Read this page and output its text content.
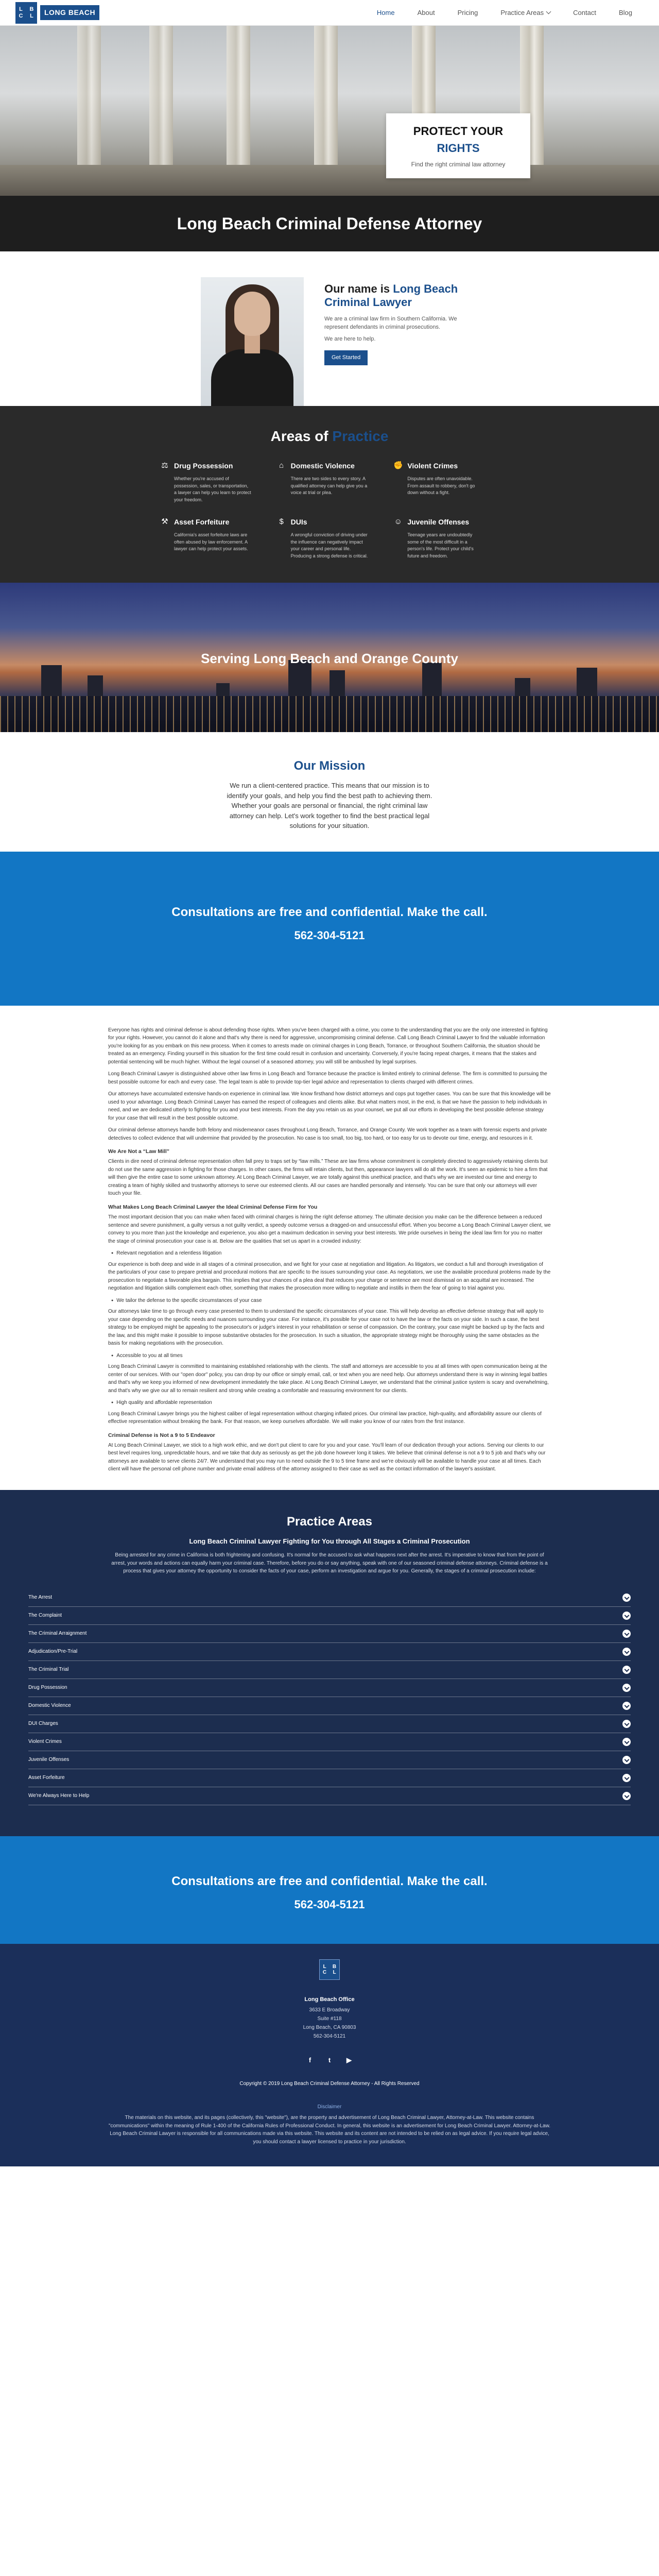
L B
C L	LONG BEACH	Home	About	Pricing	Practice Areas	Contact	Blog
PROTECT YOUR RIGHTS

Find the right criminal law attorney

Long Beach Criminal Defense Attorney
Our name is Long Beach Criminal Lawyer

We are a criminal law firm in Southern California. We represent defendants in criminal prosecutions.

We are here to help.

Get Started
Areas of Practice
⚖ Drug Possession

Whether you're accused of possession, sales, or transportation, a lawyer can help you learn to protect your freedom.

⌂ Domestic Violence

There are two sides to every story. A qualified attorney can help give you a voice at trial or plea.

✊ Violent Crimes

Disputes are often unavoidable. From assault to robbery, don't go down without a fight.

⚒ Asset Forfeiture

California's asset forfeiture laws are often abused by law enforcement. A lawyer can help protect your assets.

$ DUIs

A wrongful conviction of driving under the influence can negatively impact your career and personal life. Producing a strong defense is critical.

☺ Juvenile Offenses

Teenage years are undoubtedly some of the most difficult in a person's life. Protect your child's future and freedom.

Serving Long Beach and Orange County
Our Mission

We run a client-centered practice. This means that our mission is to identify your goals, and help you find the best path to achieving them. Whether your goals are personal or financial, the right criminal law attorney can help. Let's work together to find the best practical legal solutions for your situation.

Consultations are free and confidential. Make the call.
562-304-5121

Everyone has rights and criminal defense is about defending those rights. When you've been charged with a crime, you come to the understanding that you are the only one interested in fighting for your rights. However, you cannot do it alone and that's why there is need for aggressive, uncompromising criminal defense. Call Long Beach Criminal Lawyer to find the valuable information you're looking for as you embark on this new process. When it comes to arrests made on criminal charges in Long Beach, Torrance, or throughout Southern California, the situation should be treated as an emergency. Finding yourself in this situation for the first time could result in confusion and uncertainty. Conversely, if you're facing repeat charges, it means that the stakes and potential sentencing will be much higher. Without the legal counsel of a seasoned attorney, you will still be ambushed by legal surprises.

Long Beach Criminal Lawyer is distinguished above other law firms in Long Beach and Torrance because the practice is limited entirely to criminal defense. The firm is committed to pursuing the best possible outcome for each and every case. The legal team is able to provide top-tier legal advice and representation to clients charged with different crimes.

Our attorneys have accumulated extensive hands-on experience in criminal law. We know firsthand how district attorneys and cops put together cases. You can be sure that this knowledge will be used to your advantage. Long Beach Criminal Lawyer has earned the respect of colleagues and clients alike. But what matters most, in the end, is that we have the passion to help individuals in need, and we are dedicated utterly to fighting for you and your best interests. From the day you retain us as your counsel, we put all our efforts in developing the best possible defense strategy for your case that will result in the best possible outcome.

Our criminal defense attorneys handle both felony and misdemeanor cases throughout Long Beach, Torrance, and Orange County. We work together as a team with forensic experts and private detectives to collect evidence that will undermine that provided by the prosecution. No case is too small, too big, too hard, or too easy for us to devote our time, energy, and resources in it.

We Are Not a “Law Mill”

Clients in dire need of criminal defense representation often fall prey to traps set by “law mills.” These are law firms whose commitment is completely directed to aggressively retaining clients but do not use the same aggression in fighting for those charges. In other cases, the firms will retain clients, but then, appearance lawyers will do all the work. It's seen an epidemic to hire a firm that will then give the entire case to some unknown attorney. At Long Beach Criminal Lawyer, we are totally against this unethical practice, and that's why we are invested our time and energy to creating a team of highly skilled and trustworthy attorneys to serve our esteemed clients. All our cases are handled personally and intensely. You can be sure that only our attorneys will ever touch your file.

What Makes Long Beach Criminal Lawyer the Ideal Criminal Defense Firm for You

The most important decision that you can make when faced with criminal charges is hiring the right defense attorney. The ultimate decision you make can be the difference between a reduced sentence and severe punishment, a guilty versus a not guilty verdict, a speedy outcome versus a dragged-on and unsuccessful effort. When you become a Long Beach Criminal Lawyer client, we convey to you more than just the knowledge and experience, you also get a maximum dedication in serving your best interests. We pride ourselves in being the ideal law firm for you no matter the stage of criminal prosecution your case is at. Below are the qualities that set us apart in a crowded industry:

● Relevant negotiation and a relentless litigation

Our experience is both deep and wide in all stages of a criminal prosecution, and we fight for your case at negotiation and litigation. As litigators, we conduct a full and thorough investigation of the particulars of your case to prepare pretrial and procedural motions that are specific to the issues surrounding your case. As negotiators, we use the available procedural problems made by the prosecution to negotiate a favorable plea bargain. This implies that your chances of a plea deal that reduces your charge or sentence are most dismissal on an acquittal are increased. The negotiation and litigation skills complement each other, something that makes the prosecution more willing to negotiate and instills in them the fear of going to trial against you.

● We tailor the defense to the specific circumstances of your case

Our attorneys take time to go through every case presented to them to understand the specific circumstances of your case. This will help develop an effective defense strategy that will apply to your case depending on the specific needs and nuances surrounding your case. For instance, it's possible for your case not to have the law or the facts on your side. In such a case, the best strategy to be employed might be appealing to the prosecutor's or judge's interest in your rehabilitation or sense of compassion. On the contrary, your case might be backed up by the facts and the law, and this might make it possible to impose substantive obstacles for the prosecution. In such a situation, the appropriate strategy might be thoroughly using the same obstacles as the basis for making negotiations with the prosecution.

● Accessible to you at all times

Long Beach Criminal Lawyer is committed to maintaining established relationship with the clients. The staff and attorneys are accessible to you at all times with open communication being at the center of our services. With our "open door" policy, you can drop by our office or simply email, call, or text when you are need help. Our attorneys understand there is way in winning legal battles and that's why we keep you informed of new development immediately the take place. At Long Beach Criminal Lawyer, we understand that the criminal justice system is scary and overwhelming, and that's why we give our all to remain resilient and strong while creating a comfortable and reassuring environment for our clients.

● High quality and affordable representation

Long Beach Criminal Lawyer brings you the highest caliber of legal representation without charging inflated prices. Our criminal law practice, high-quality, and affordability assure our clients of effective representation without breaking the bank. For that reason, we keep ourselves affordable. We will make you know of our rates from the first instance.

Criminal Defense is Not a 9 to 5 Endeavor

At Long Beach Criminal Lawyer, we stick to a high work ethic, and we don't put client to care for you and your case. You'll learn of our dedication through your actions. Serving our clients to our best level requires long, unpredictable hours, and we take that duty as seriously as get the job done however long it takes. We believe that criminal defense is not a 9 to 5 job and that's why our attorneys are available to serve clients 24/7. We understand that you may run to need outside the 9 to 5 time frame and we're obviously will be available to handle your case at all times. Each client will have the personal cell phone number and private email address of the attorney assigned to their case as well as the contact information of the lawyer's assistant.

Practice Areas
Long Beach Criminal Lawyer Fighting for You through All Stages a Criminal Prosecution

Being arrested for any crime in California is both frightening and confusing. It's normal for the accused to ask what happens next after the arrest. It's imperative to know that from the point of arrest, your words and actions can equally harm your criminal case. Therefore, before you do or say anything, speak with one of our seasoned criminal defense attorneys. Criminal defense is a process that gives your attorney the opportunity to consider the facts of your case, perform an investigation and argue for you. Generally, the stages of a criminal prosecution include:

The Arrest
The Complaint
The Criminal Arraignment
Adjudication/Pre-Trial
The Criminal Trial
Drug Possession
Domestic Violence
DUI Charges
Violent Crimes
Juvenile Offenses
Asset Forfeiture
We're Always Here to Help
Consultations are free and confidential. Make the call.
562-304-5121
L B
C L
Long Beach Office
3633 E Broadway
Suite #118
Long Beach, CA 90803
562-304-5121
f	t	▶
Copyright © 2019 Long Beach Criminal Defense Attorney - All Rights Reserved
Disclaimer

The materials on this website, and its pages (collectively, this "website"), are the property and advertisement of Long Beach Criminal Lawyer, Attorney-at-Law. This website contains "communications" within the meaning of Rule 1-400 of the California Rules of Professional Conduct. In general, this website is an advertisement for Long Beach Criminal Lawyer. Attorney-at-Law. Long Beach Criminal Lawyer is responsible for all communications made via this website. This website and its content are not intended to be relied on as legal advice. If you require legal advice, you should contact a lawyer licensed to practice in your jurisdiction.
